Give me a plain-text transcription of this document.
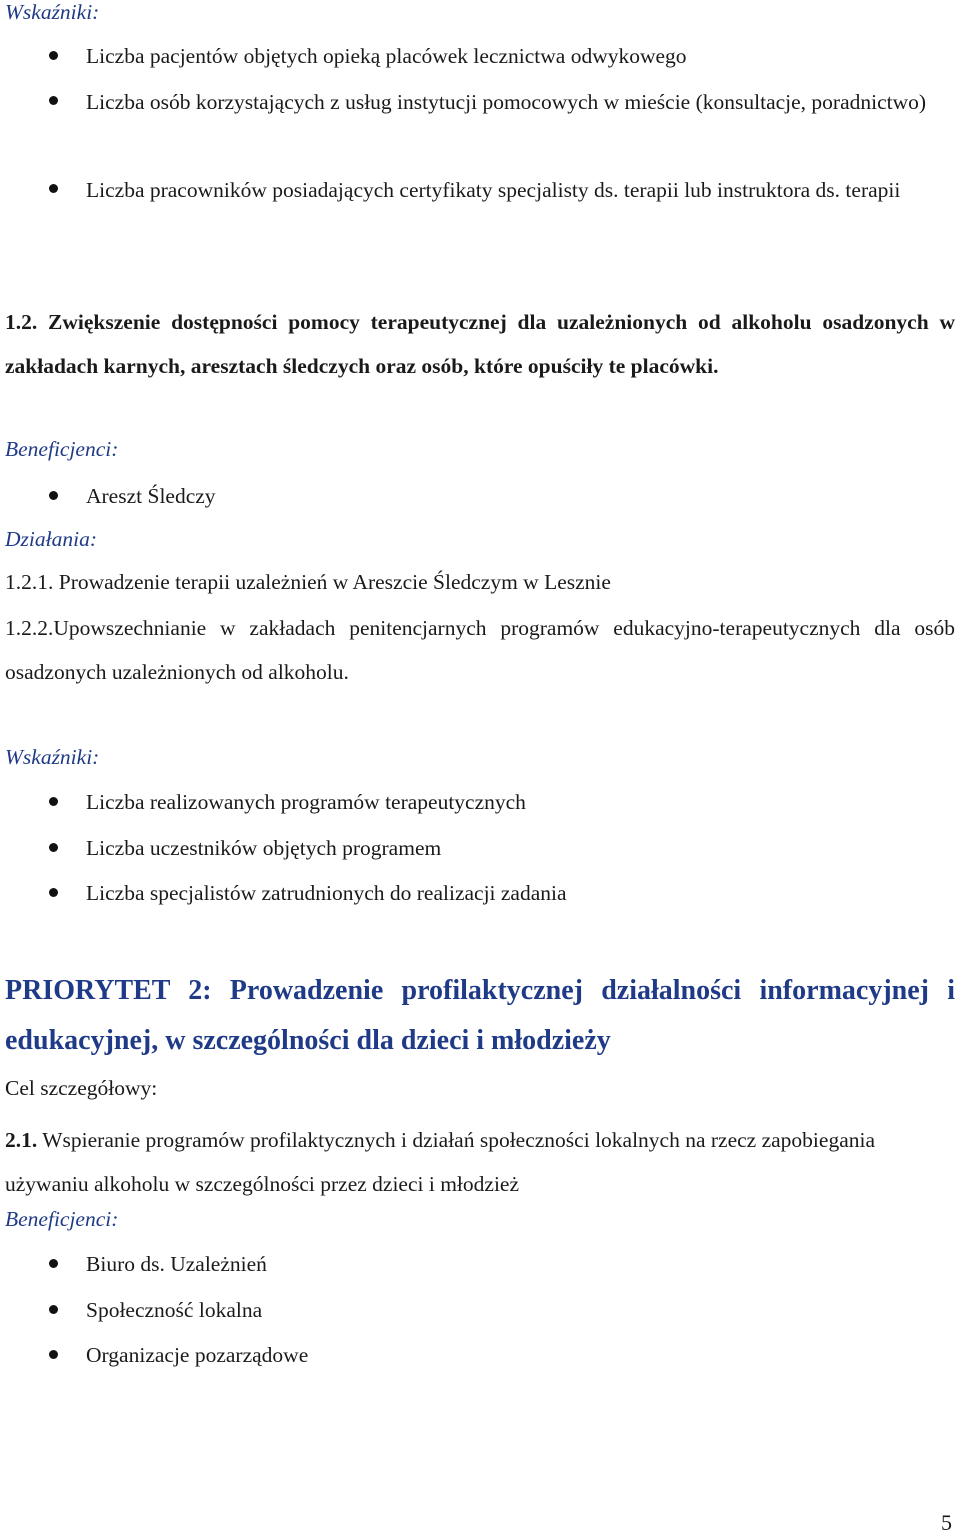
Wskaźniki:
Liczba pacjentów objętych opieką placówek lecznictwa odwykowego
Liczba osób korzystających z usług instytucji pomocowych w mieście (konsultacje, poradnictwo)
Liczba pracowników posiadających certyfikaty specjalisty ds. terapii lub instruktora ds. terapii
1.2. Zwiększenie dostępności pomocy terapeutycznej dla uzależnionych od alkoholu osadzonych w zakładach karnych, aresztach śledczych oraz osób, które opuściły te placówki.
Beneficjenci:
Areszt Śledczy
Działania:
1.2.1. Prowadzenie terapii uzależnień w Areszcie Śledczym w Lesznie
1.2.2.Upowszechnianie w zakładach penitencjarnych programów edukacyjno-terapeutycznych dla osób osadzonych uzależnionych od alkoholu.
Wskaźniki:
Liczba realizowanych programów terapeutycznych
Liczba uczestników objętych programem
Liczba specjalistów zatrudnionych do realizacji zadania
PRIORYTET 2: Prowadzenie profilaktycznej działalności informacyjnej i edukacyjnej, w szczególności dla dzieci i młodzieży
Cel szczegółowy:
2.1. Wspieranie programów profilaktycznych i działań społeczności lokalnych na rzecz zapobiegania używaniu alkoholu w szczególności przez dzieci i młodzież
Beneficjenci:
Biuro ds. Uzależnień
Społeczność lokalna
Organizacje pozarządowe
5
